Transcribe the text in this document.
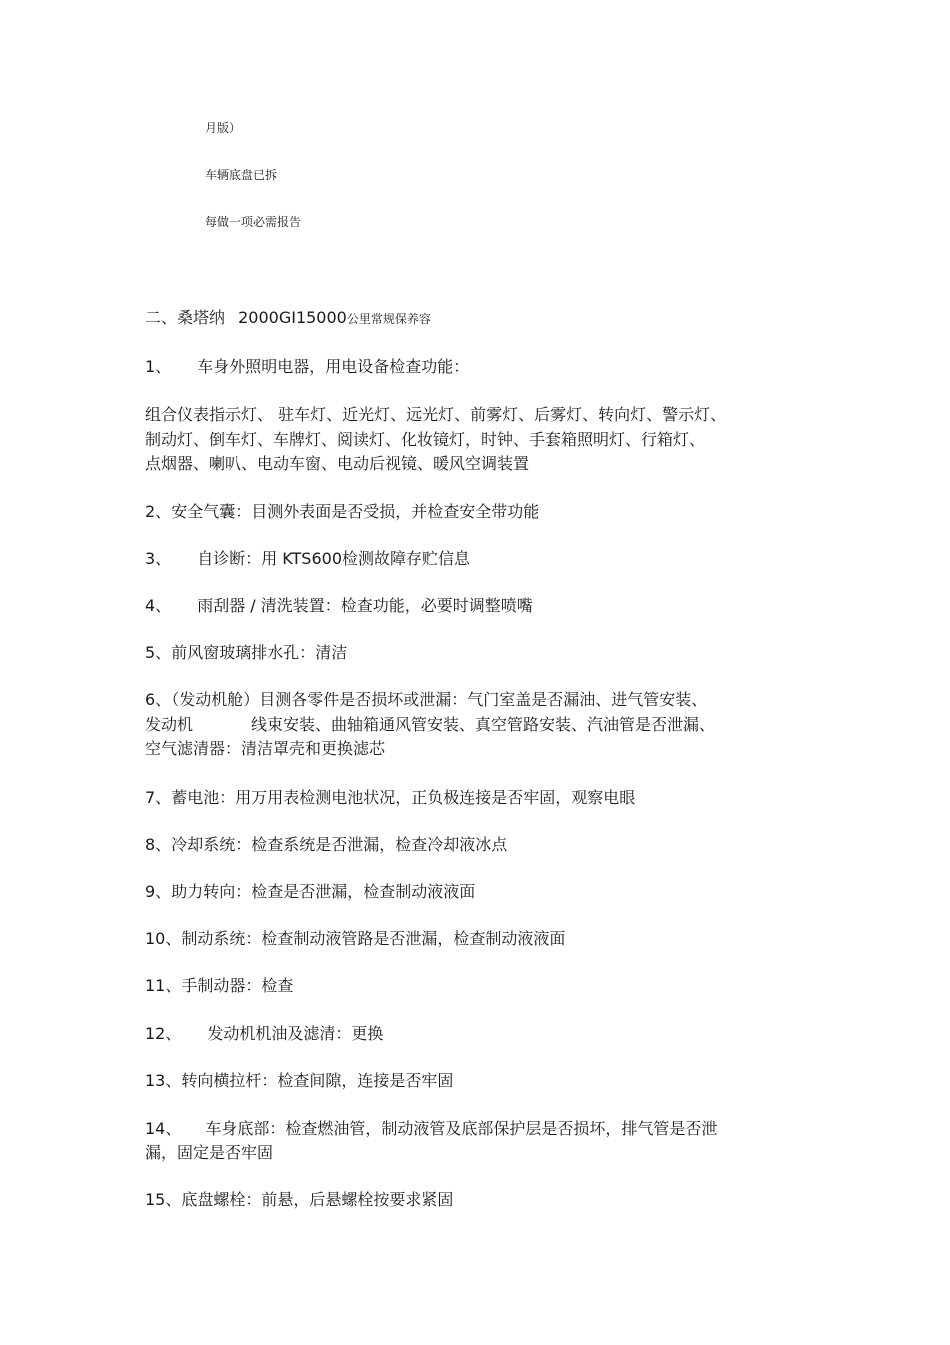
月版）
车辆底盘已拆
每做一项必需报告
二、桑塔纳 2000GI15000公里常规保养容
1、 车身外照明电器，用电设备检查功能：
组合仪表指示灯、 驻车灯、近光灯、远光灯、前雾灯、后雾灯、转向灯、警示灯、
制动灯、倒车灯、车牌灯、阅读灯、化妆镜灯，时钟、手套箱照明灯、行箱灯、
点烟器、喇叭、电动车窗、电动后视镜、暖风空调装置
2、安全气囊：目测外表面是否受损，并检查安全带功能
3、 自诊断：用 KTS600检测故障存贮信息
4、 雨刮器 / 清洗装置：检查功能，必要时调整喷嘴
5、前风窗玻璃排水孔：清洁
6、（发动机舱）目测各零件是否损坏或泄漏：气门室盖是否漏油、进气管安装、
发动机	线束安装、曲轴箱通风管安装、真空管路安装、汽油管是否泄漏、
空气滤清器：清洁罩壳和更换滤芯
7、蓄电池：用万用表检测电池状况，正负极连接是否牢固，观察电眼
8、冷却系统：检查系统是否泄漏，检查冷却液冰点
9、助力转向：检查是否泄漏，检查制动液液面
10、制动系统：检查制动液管路是否泄漏，检查制动液液面
11、手制动器：检查
12、 发动机机油及滤清：更换
13、转向横拉杆：检查间隙，连接是否牢固
14、 车身底部：检查燃油管，制动液管及底部保护层是否损坏，排气管是否泄
漏，固定是否牢固
15、底盘螺栓：前悬，后悬螺栓按要求紧固
